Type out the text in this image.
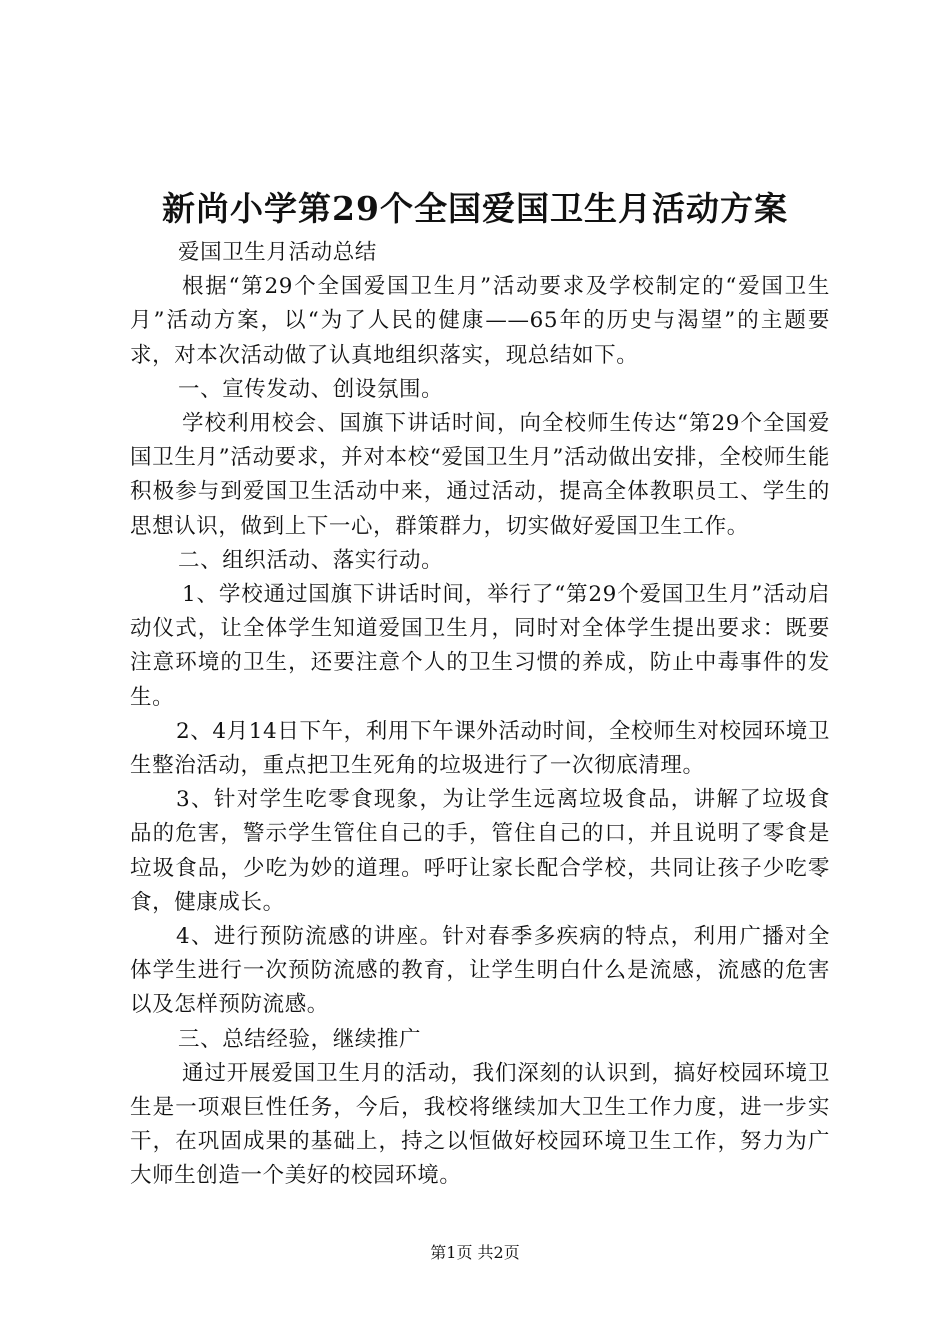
新尚小学第29个全国爱国卫生月活动方案

爱国卫生月活动总结

根据“第29个全国爱国卫生月”活动要求及学校制定的“爱国卫生月”活动方案，以“为了人民的健康——65年的历史与渴望”的主题要求，对本次活动做了认真地组织落实，现总结如下。

一、宣传发动、创设氛围。

学校利用校会、国旗下讲话时间，向全校师生传达“第29个全国爱国卫生月”活动要求，并对本校“爱国卫生月”活动做出安排，全校师生能积极参与到爱国卫生活动中来，通过活动，提高全体教职员工、学生的思想认识，做到上下一心，群策群力，切实做好爱国卫生工作。

二、组织活动、落实行动。

1、学校通过国旗下讲话时间，举行了“第29个爱国卫生月”活动启动仪式，让全体学生知道爱国卫生月，同时对全体学生提出要求：既要注意环境的卫生，还要注意个人的卫生习惯的养成，防止中毒事件的发生。

2、4月14日下午，利用下午课外活动时间，全校师生对校园环境卫生整治活动，重点把卫生死角的垃圾进行了一次彻底清理。

3、针对学生吃零食现象，为让学生远离垃圾食品，讲解了垃圾食品的危害，警示学生管住自己的手，管住自己的口，并且说明了零食是垃圾食品，少吃为妙的道理。呼吁让家长配合学校，共同让孩子少吃零食，健康成长。

4、进行预防流感的讲座。针对春季多疾病的特点，利用广播对全体学生进行一次预防流感的教育，让学生明白什么是流感，流感的危害以及怎样预防流感。

三、总结经验，继续推广

通过开展爱国卫生月的活动，我们深刻的认识到，搞好校园环境卫生是一项艰巨性任务，今后，我校将继续加大卫生工作力度，进一步实干，在巩固成果的基础上，持之以恒做好校园环境卫生工作，努力为广大师生创造一个美好的校园环境。

第1页 共2页
